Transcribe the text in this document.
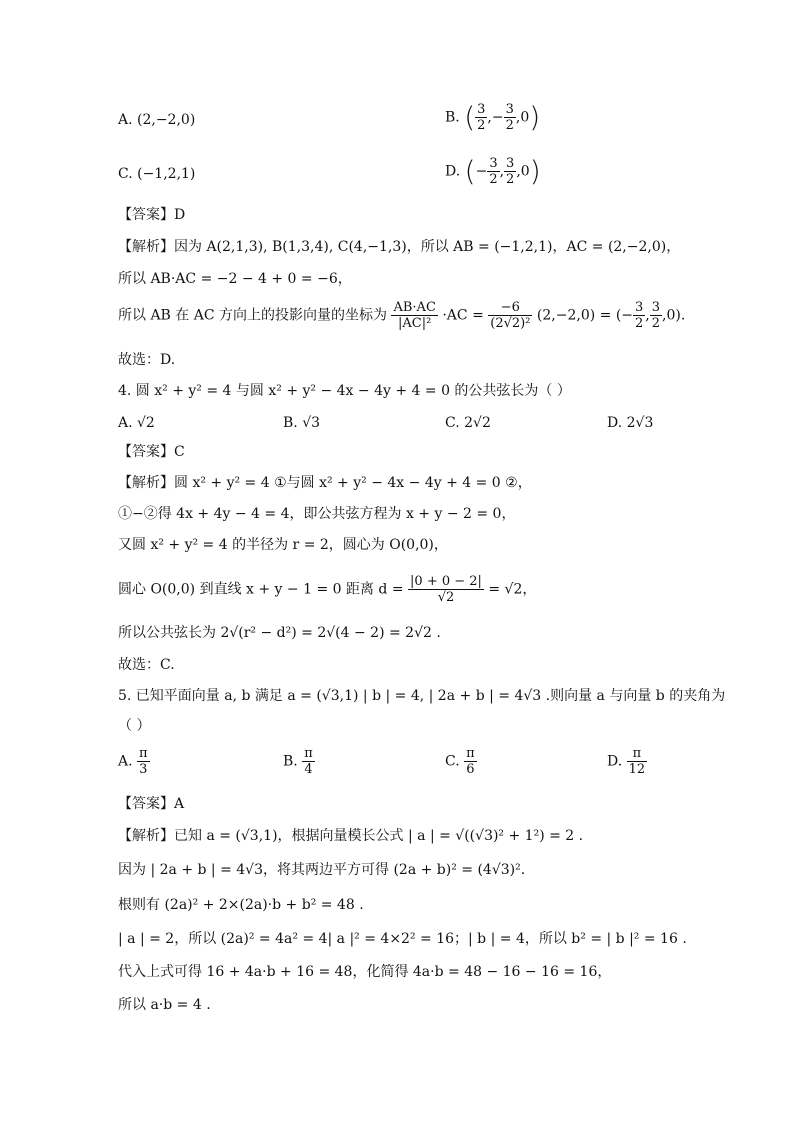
A. (2,−2,0)	B. ( $\frac{3}{2}$ ,− $\frac{3}{2} ,0$)
C. (−1,2,1)	D. (− $\frac{3}{2}$ , $\frac{3}{2} ,0$)
【答案】D
【解析】因为 A(2,1,3), B(1,3,4), C(4,−1,3)，所以 AB = (−1,2,1)，AC = (2,−2,0)，
所以 AB·AC = −2 − 4 + 0 = −6，
所以 AB 在 AC 方向上的投影向量的坐标为 $\frac{AB\cdot AC}{\text{|AC|²}} \cdot AC = \frac{-6}{\text{(2√2)²}} (2,-2,0)$ = (− $\frac{3}{2}$ , $\frac{3}{2} ,0$).
故选：D.
4. 圆 x² + y² = 4 与圆 x² + y² − 4x − 4y + 4 = 0 的公共弦长为（ ）
A. √2	B. √3	C. 2√2	D. 2√3
【答案】C
【解析】圆 x² + y² = 4 ①与圆 x² + y² − 4x − 4y + 4 = 0 ②，
①−②得 4x + 4y − 4 = 4，即公共弦方程为 x + y − 2 = 0，
又圆 x² + y² = 4 的半径为 r = 2，圆心为 O(0,0)，
圆心 O(0,0) 到直线 x + y − 1 = 0 距离 $d = \frac{|0 + 0 - 2|}{√2} = √2$，
所以公共弦长为 2√(r² − d²) = 2√(4 − 2) = 2√2 .
故选：C.
5. 已知平面向量 a, b 满足 a = (√3,1) | b | = 4, | 2a + b | = 4√3 .则向量 a 与向量 b 的夹角为
（ ）
A. $\frac{\pi}{3}$	B. $\frac{\pi}{4}$	C. $\frac{\pi}{6}$	D. $\frac{\pi}{12}$
【答案】A
【解析】已知 a = (√3,1)，根据向量模长公式 | a | = √((√3)² + 1²) = 2 .
因为 | 2a + b | = 4√3，将其两边平方可得 (2a + b)² = (4√3)².
根则有 (2a)² + 2×(2a)·b + b² = 48 .
| a | = 2，所以 (2a)² = 4a² = 4| a |² = 4×2² = 16；| b | = 4，所以 b² = | b |² = 16 .
代入上式可得 16 + 4a·b + 16 = 48，化简得 4a·b = 48 − 16 − 16 = 16，
所以 a·b = 4 .
